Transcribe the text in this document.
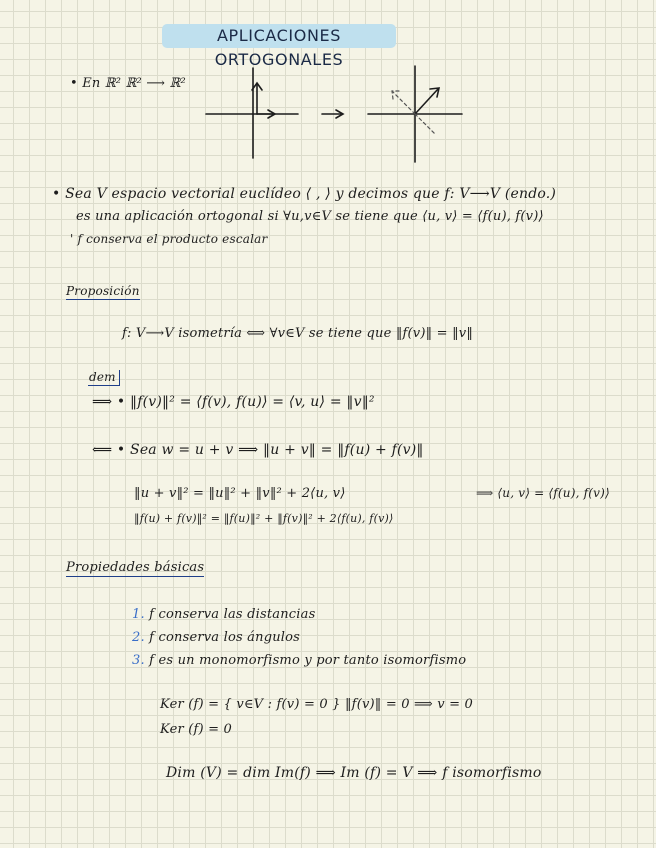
APLICACIONES ORTOGONALES
• En ℝ² ℝ² ⟶ ℝ²
• Sea V espacio vectorial euclídeo ⟨ , ⟩ y decimos que f: V⟶V (endo.)
es una aplicación ortogonal si ∀u,v∈V se tiene que ⟨u, v⟩ = ⟨f(u), f(v)⟩
' f conserva el producto escalar
Proposición
f: V⟶V isometría ⟺ ∀v∈V se tiene que ‖f(v)‖ = ‖v‖
dem
⟹ • ‖f(v)‖² = ⟨f(v), f(u)⟩ = ⟨v, u⟩ = ‖v‖²
⟸ • Sea w = u + v ⟹ ‖u + v‖ = ‖f(u) + f(v)‖
‖u + v‖² = ‖u‖² + ‖v‖² + 2⟨u, v⟩	⟹ ⟨u, v⟩ = ⟨f(u), f(v)⟩
‖f(u) + f(v)‖² = ‖f(u)‖² + ‖f(v)‖² + 2⟨f(u), f(v)⟩
Propiedades básicas
1. f conserva las distancias
2. f conserva los ángulos
3. f es un monomorfismo y por tanto isomorfismo
Ker (f) = { v∈V : f(v) = 0 } ‖f(v)‖ = 0 ⟹ v = 0
Ker (f) = 0
Dim (V) = dim Im(f) ⟹ Im (f) = V ⟹ f isomorfismo
